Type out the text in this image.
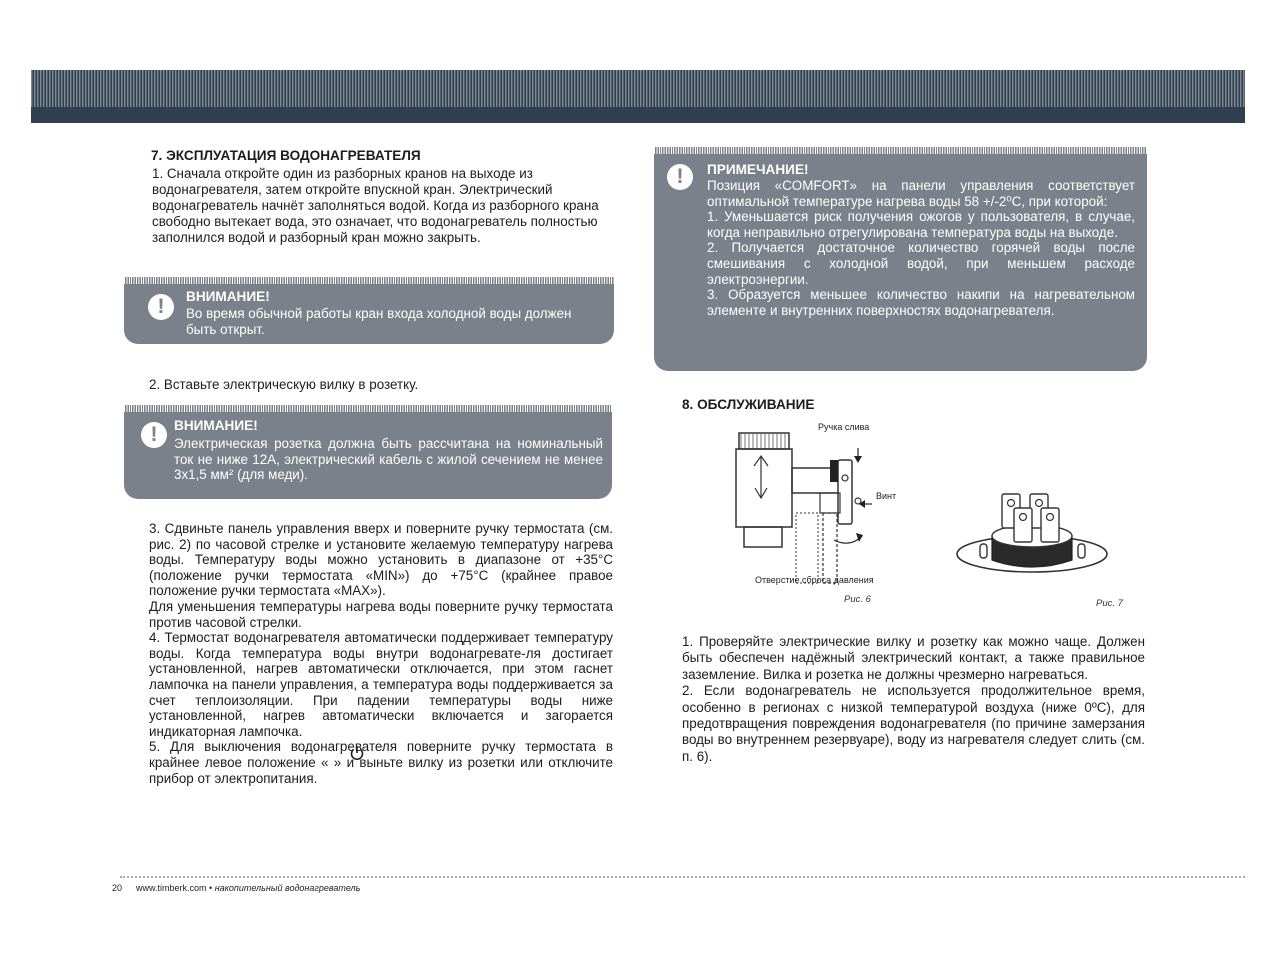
7. ЭКСПЛУАТАЦИЯ ВОДОНАГРЕВАТЕЛЯ
1. Сначала откройте один из разборных кранов на выходе из водонагревателя, затем откройте впускной кран. Электрический водонагреватель начнёт заполняться водой. Когда из разборного крана свободно вытекает вода, это означает, что водонагреватель полностью заполнился водой и разборный кран можно закрыть.
!	ВНИМАНИЕ!
Во время обычной работы кран входа холодной воды должен быть открыт.
2. Вставьте электрическую вилку в розетку.
!	ВНИМАНИЕ!
Электрическая розетка должна быть рассчитана на номинальный ток не ниже 12А, электрический кабель с жилой сечением не менее 3х1,5 мм² (для меди).

3. Сдвиньте панель управления вверх и поверните ручку термостата (см. рис. 2) по часовой стрелке и установите желаемую температуру нагрева воды. Температуру воды можно установить в диапазоне от +35°С (положение ручки термостата «MIN») до +75°С (крайнее правое положение ручки термостата «MAX»).

Для уменьшения температуры нагрева воды поверните ручку термостата против часовой стрелки.

4. Термостат водонагревателя автоматически поддерживает температуру воды. Когда температура воды внутри водонагревате-ля достигает установленной, нагрев автоматически отключается, при этом гаснет лампочка на панели управления, а температура воды поддерживается за счет теплоизоляции. При падении температуры воды ниже установленной, нагрев автоматически включается и загорается индикаторная лампочка.

5. Для выключения водонагревателя поверните ручку термостата в крайнее левое положение « » и выньте вилку из розетки или отключите прибор от электропитания.

!	ПРИМЕЧАНИЕ!
Позиция «COMFORT» на панели управления соответствует оптимальной температуре нагрева воды 58 +/-2⁰С, при которой:
1. Уменьшается риск получения ожогов у пользователя, в случае, когда неправильно отрегулирована температура воды на выходе.
2. Получается достаточное количество горячей воды после смешивания с холодной водой, при меньшем расходе электроэнергии.
3. Образуется меньшее количество накипи на нагревательном элементе и внутренних поверхностях водонагревателя.
8. ОБСЛУЖИВАНИЕ
Ручка слива
Винт
Отверстие сброса давления
Рис. 6	Рис. 7

1. Проверяйте электрические вилку и розетку как можно чаще. Должен быть обеспечен надёжный электрический контакт, а также правильное заземление. Вилка и розетка не должны чрезмерно нагреваться.

2. Если водонагреватель не используется продолжительное время, особенно в регионах с низкой температурой воздуха (ниже 0ºС), для предотвращения повреждения водонагревателя (по причине замерзания воды во внутреннем резервуаре), воду из нагревателя следует слить (см. п. 6).

20 www.timberk.com • накопительный водонагреватель
